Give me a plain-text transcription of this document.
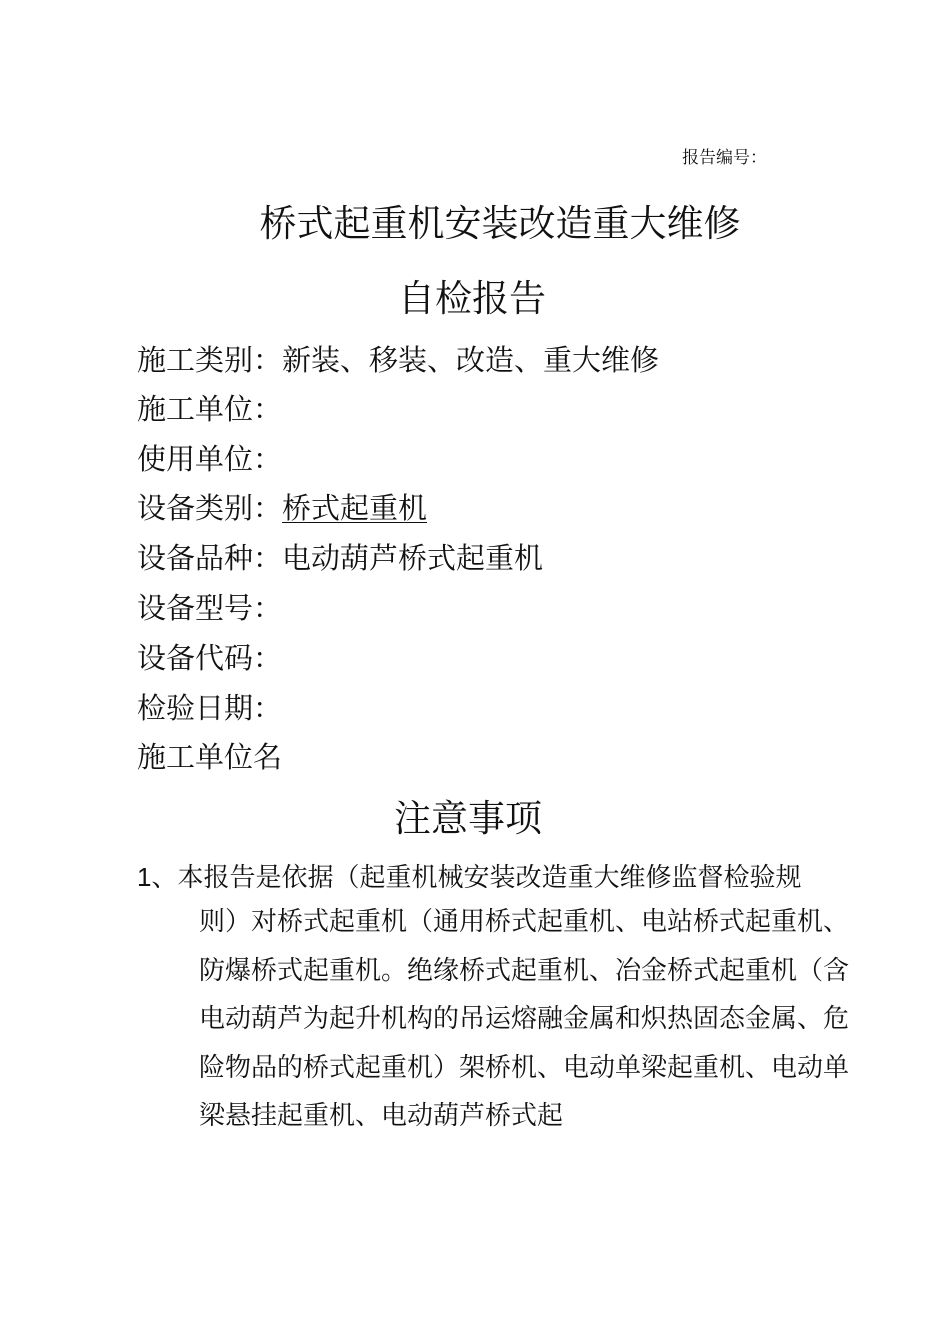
报告编号：
桥式起重机安装改造重大维修
自检报告
施工类别：新装、移装、改造、重大维修
施工单位：
使用单位：
设备类别：桥式起重机
设备品种：电动葫芦桥式起重机
设备型号：
设备代码：
检验日期：
施工单位名
注意事项
1、本报告是依据（起重机械安装改造重大维修监督检验规
则）对桥式起重机（通用桥式起重机、电站桥式起重机、
防爆桥式起重机。绝缘桥式起重机、冶金桥式起重机（含
电动葫芦为起升机构的吊运熔融金属和炽热固态金属、危
险物品的桥式起重机）架桥机、电动单梁起重机、电动单
梁悬挂起重机、电动葫芦桥式起
